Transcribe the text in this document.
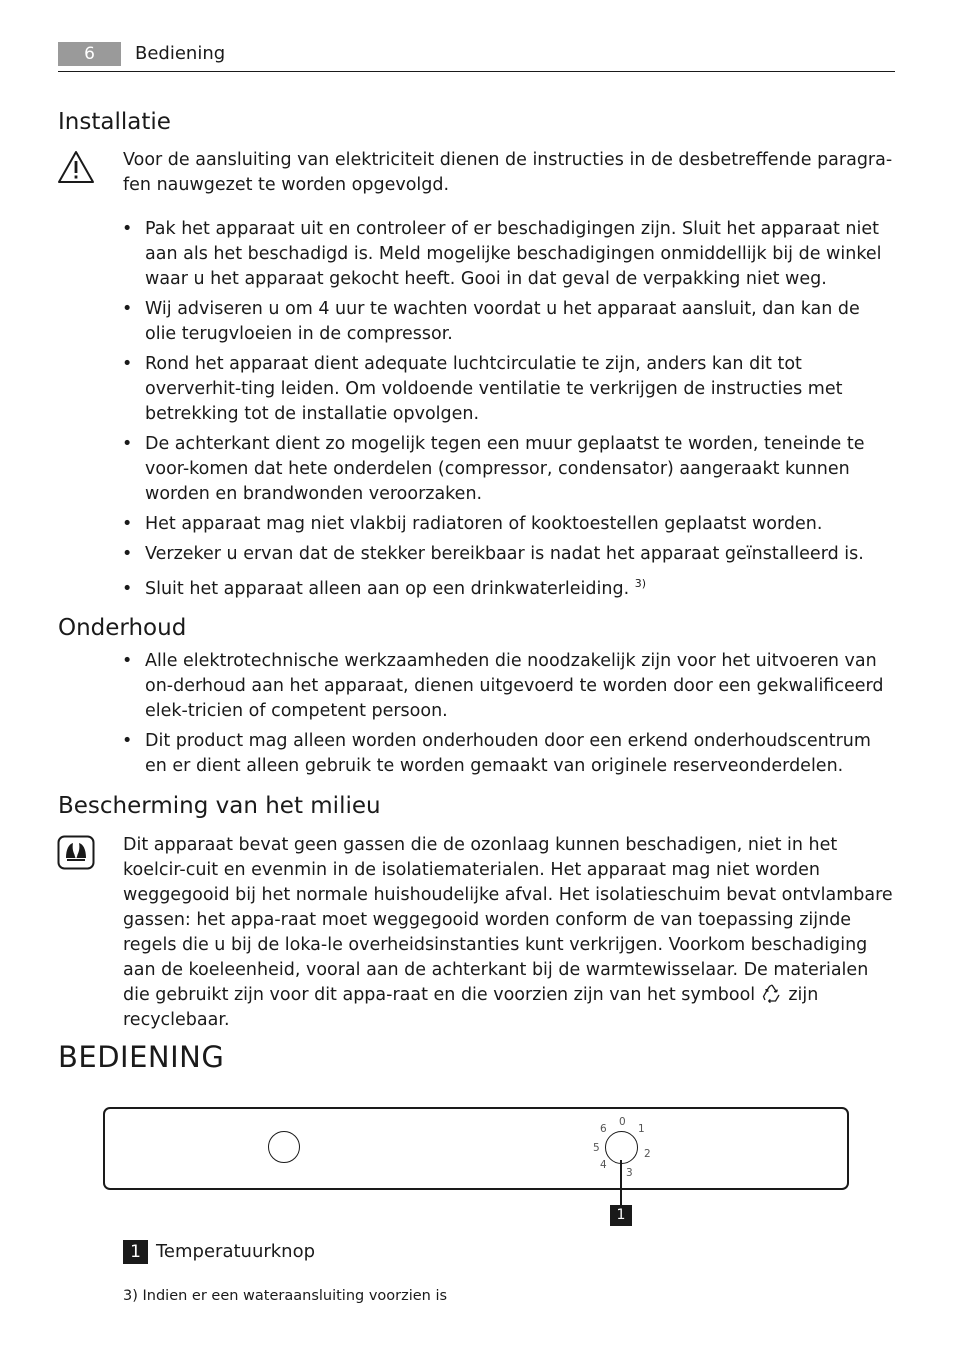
6	Bediening
Installatie

Voor de aansluiting van elektriciteit dienen de instructies in de desbetreffende paragra-fen nauwgezet te worden opgevolgd.

• Pak het apparaat uit en controleer of er beschadigingen zijn. Sluit het apparaat niet aan als het beschadigd is. Meld mogelijke beschadigingen onmiddellijk bij de winkel waar u het apparaat gekocht heeft. Gooi in dat geval de verpakking niet weg.
• Wij adviseren u om 4 uur te wachten voordat u het apparaat aansluit, dan kan de olie terugvloeien in de compressor.
• Rond het apparaat dient adequate luchtcirculatie te zijn, anders kan dit tot oververhit-ting leiden. Om voldoende ventilatie te verkrijgen de instructies met betrekking tot de installatie opvolgen.
• De achterkant dient zo mogelijk tegen een muur geplaatst te worden, teneinde te voor-komen dat hete onderdelen (compressor, condensator) aangeraakt kunnen worden en brandwonden veroorzaken.
• Het apparaat mag niet vlakbij radiatoren of kooktoestellen geplaatst worden.
• Verzeker u ervan dat de stekker bereikbaar is nadat het apparaat geïnstalleerd is.
• Sluit het apparaat alleen aan op een drinkwaterleiding. $^{3)}$
Onderhoud
• Alle elektrotechnische werkzaamheden die noodzakelijk zijn voor het uitvoeren van on-derhoud aan het apparaat, dienen uitgevoerd te worden door een gekwalificeerd elek-tricien of competent persoon.
• Dit product mag alleen worden onderhouden door een erkend onderhoudscentrum en er dient alleen gebruik te worden gemaakt van originele reserveonderdelen.
Bescherming van het milieu

Dit apparaat bevat geen gassen die de ozonlaag kunnen beschadigen, niet in het koelcir-cuit en evenmin in de isolatiematerialen. Het apparaat mag niet worden weggegooid bij het normale huishoudelijke afval. Het isolatieschuim bevat ontvlambare gassen: het appa-raat moet weggegooid worden conform de van toepassing zijnde regels die u bij de loka-le overheidsinstanties kunt verkrijgen. Voorkom beschadiging aan de koeleenheid, vooral aan de achterkant bij de warmtewisselaar. De materialen die gebruikt zijn voor dit appa-raat en die voorzien zijn van het symbool zijn recyclebaar.

BEDIENING
0
1
2
3
4
5
6
1
1 Temperatuurknop
3) Indien er een wateraansluiting voorzien is
